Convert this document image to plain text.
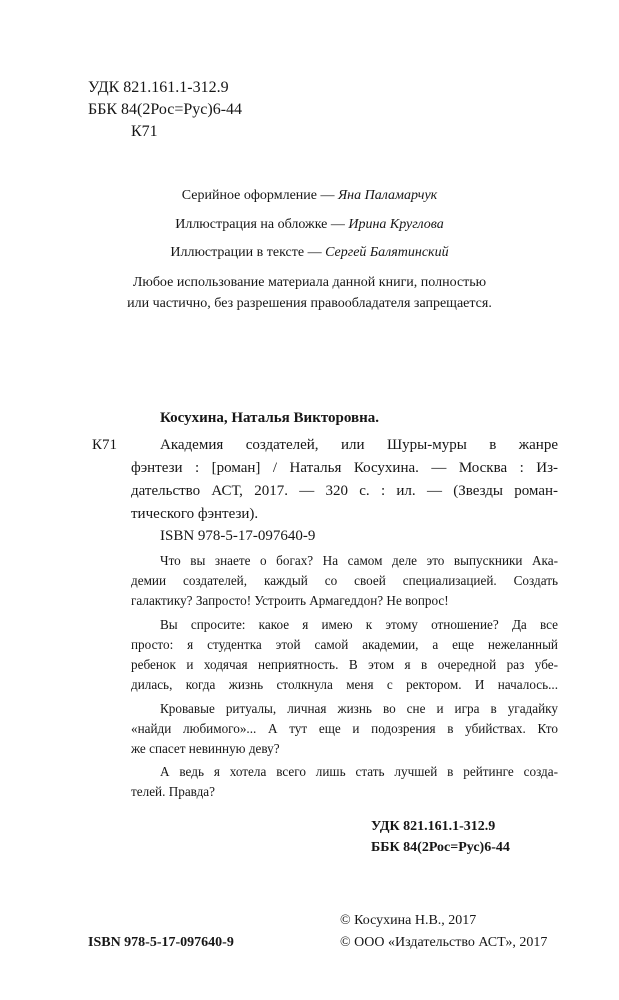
УДК 821.161.1-312.9
ББК 84(2Рос=Рус)6-44
К71
Серийное оформление — Яна Паламарчук
Иллюстрация на обложке — Ирина Круглова
Иллюстрации в тексте — Сергей Балятинский
Любое использование материала данной книги, полностью
или частично, без разрешения правообладателя запрещается.
Косухина, Наталья Викторовна.
К71	Академия создателей, или Шуры-муры в жанре
фэнтези : [роман] / Наталья Косухина. — Москва : Из-
дательство АСТ, 2017. — 320 с. : ил. — (Звезды роман-
тического фэнтези).
ISBN 978-5-17-097640-9
Что вы знаете о богах? На самом деле это выпускники Ака-
демии создателей, каждый со своей специализацией. Создать
галактику? Запросто! Устроить Армагеддон? Не вопрос!
Вы спросите: какое я имею к этому отношение? Да все
просто: я студентка этой самой академии, а еще нежеланный
ребенок и ходячая неприятность. В этом я в очередной раз убе-
дилась, когда жизнь столкнула меня с ректором. И началось...
Кровавые ритуалы, личная жизнь во сне и игра в угадайку
«найди любимого»... А тут еще и подозрения в убийствах. Кто
же спасет невинную деву?
А ведь я хотела всего лишь стать лучшей в рейтинге созда-
телей. Правда?
УДК 821.161.1-312.9
ББК 84(2Рос=Рус)6-44
© Косухина Н.В., 2017
ISBN 978-5-17-097640-9	© ООО «Издательство АСТ», 2017
